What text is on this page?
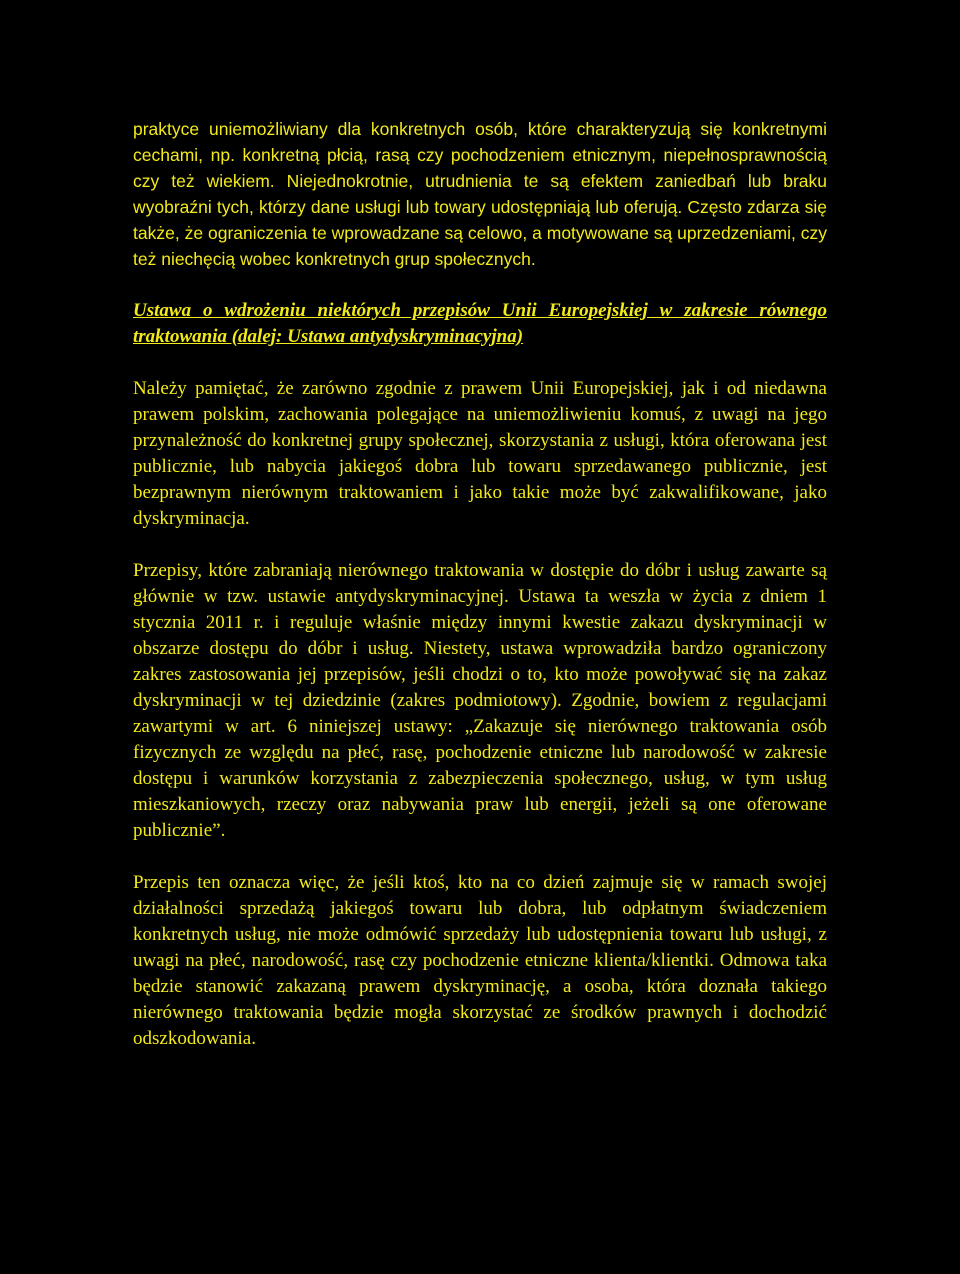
praktyce uniemożliwiany dla konkretnych osób, które charakteryzują się konkretnymi cechami, np. konkretną płcią, rasą czy pochodzeniem etnicznym, niepełnosprawnością czy też wiekiem. Niejednokrotnie, utrudnienia te są efektem zaniedbań lub braku wyobraźni tych, którzy dane usługi lub towary udostępniają lub oferują. Często zdarza się także, że ograniczenia te wprowadzane są celowo, a motywowane są uprzedzeniami, czy też niechęcią wobec konkretnych grup społecznych.

Ustawa o wdrożeniu niektórych przepisów Unii Europejskiej w zakresie równego traktowania (dalej: Ustawa antydyskryminacyjna)

Należy pamiętać, że zarówno zgodnie z prawem Unii Europejskiej, jak i od niedawna prawem polskim, zachowania polegające na uniemożliwieniu komuś, z uwagi na jego przynależność do konkretnej grupy społecznej, skorzystania z usługi, która oferowana jest publicznie, lub nabycia jakiegoś dobra lub towaru sprzedawanego publicznie, jest bezprawnym nierównym traktowaniem i jako takie może być zakwalifikowane, jako dyskryminacja.

Przepisy, które zabraniają nierównego traktowania w dostępie do dóbr i usług zawarte są głównie w tzw. ustawie antydyskryminacyjnej. Ustawa ta weszła w życia z dniem 1 stycznia 2011 r. i reguluje właśnie między innymi kwestie zakazu dyskryminacji w obszarze dostępu do dóbr i usług. Niestety, ustawa wprowadziła bardzo ograniczony zakres zastosowania jej przepisów, jeśli chodzi o to, kto może powoływać się na zakaz dyskryminacji w tej dziedzinie (zakres podmiotowy). Zgodnie, bowiem z regulacjami zawartymi w art. 6 niniejszej ustawy: „Zakazuje się nierównego traktowania osób fizycznych ze względu na płeć, rasę, pochodzenie etniczne lub narodowość w zakresie dostępu i warunków korzystania z zabezpieczenia społecznego, usług, w tym usług mieszkaniowych, rzeczy oraz nabywania praw lub energii, jeżeli są one oferowane publicznie”.

Przepis ten oznacza więc, że jeśli ktoś, kto na co dzień zajmuje się w ramach swojej działalności sprzedażą jakiegoś towaru lub dobra, lub odpłatnym świadczeniem konkretnych usług, nie może odmówić sprzedaży lub udostępnienia towaru lub usługi, z uwagi na płeć, narodowość, rasę czy pochodzenie etniczne klienta/klientki. Odmowa taka będzie stanowić zakazaną prawem dyskryminację, a osoba, która doznała takiego nierównego traktowania będzie mogła skorzystać ze środków prawnych i dochodzić odszkodowania.
